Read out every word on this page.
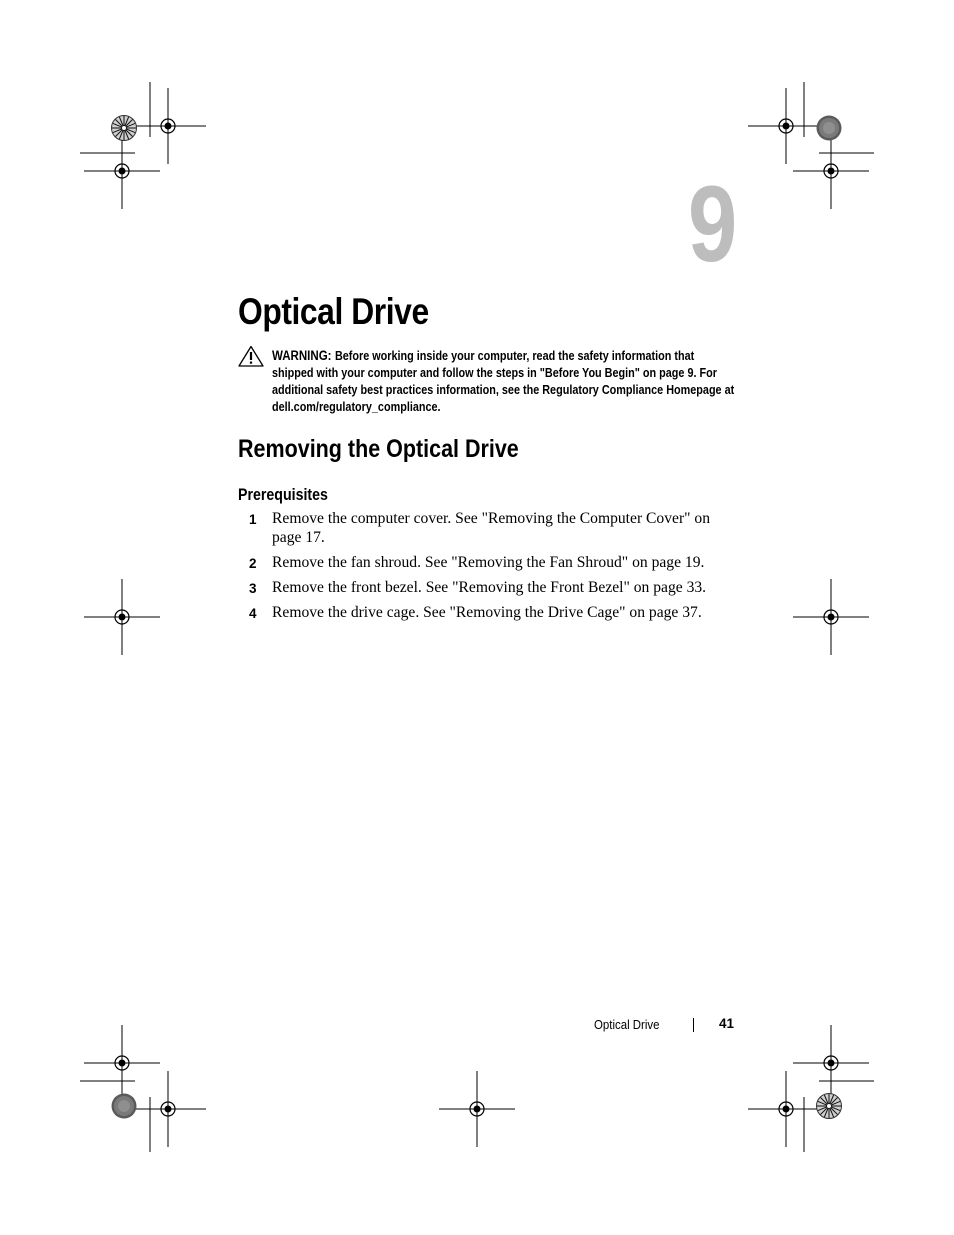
9
Optical Drive
WARNING: Before working inside your computer, read the safety information that shipped with your computer and follow the steps in "Before You Begin" on page 9. For additional safety best practices information, see the Regulatory Compliance Homepage at dell.com/regulatory_compliance.
Removing the Optical Drive
Prerequisites
1 Remove the computer cover. See "Removing the Computer Cover" on page 17.
2 Remove the fan shroud. See "Removing the Fan Shroud" on page 19.
3 Remove the front bezel. See "Removing the Front Bezel" on page 33.
4 Remove the drive cage. See "Removing the Drive Cage" on page 37.
Optical Drive	41
